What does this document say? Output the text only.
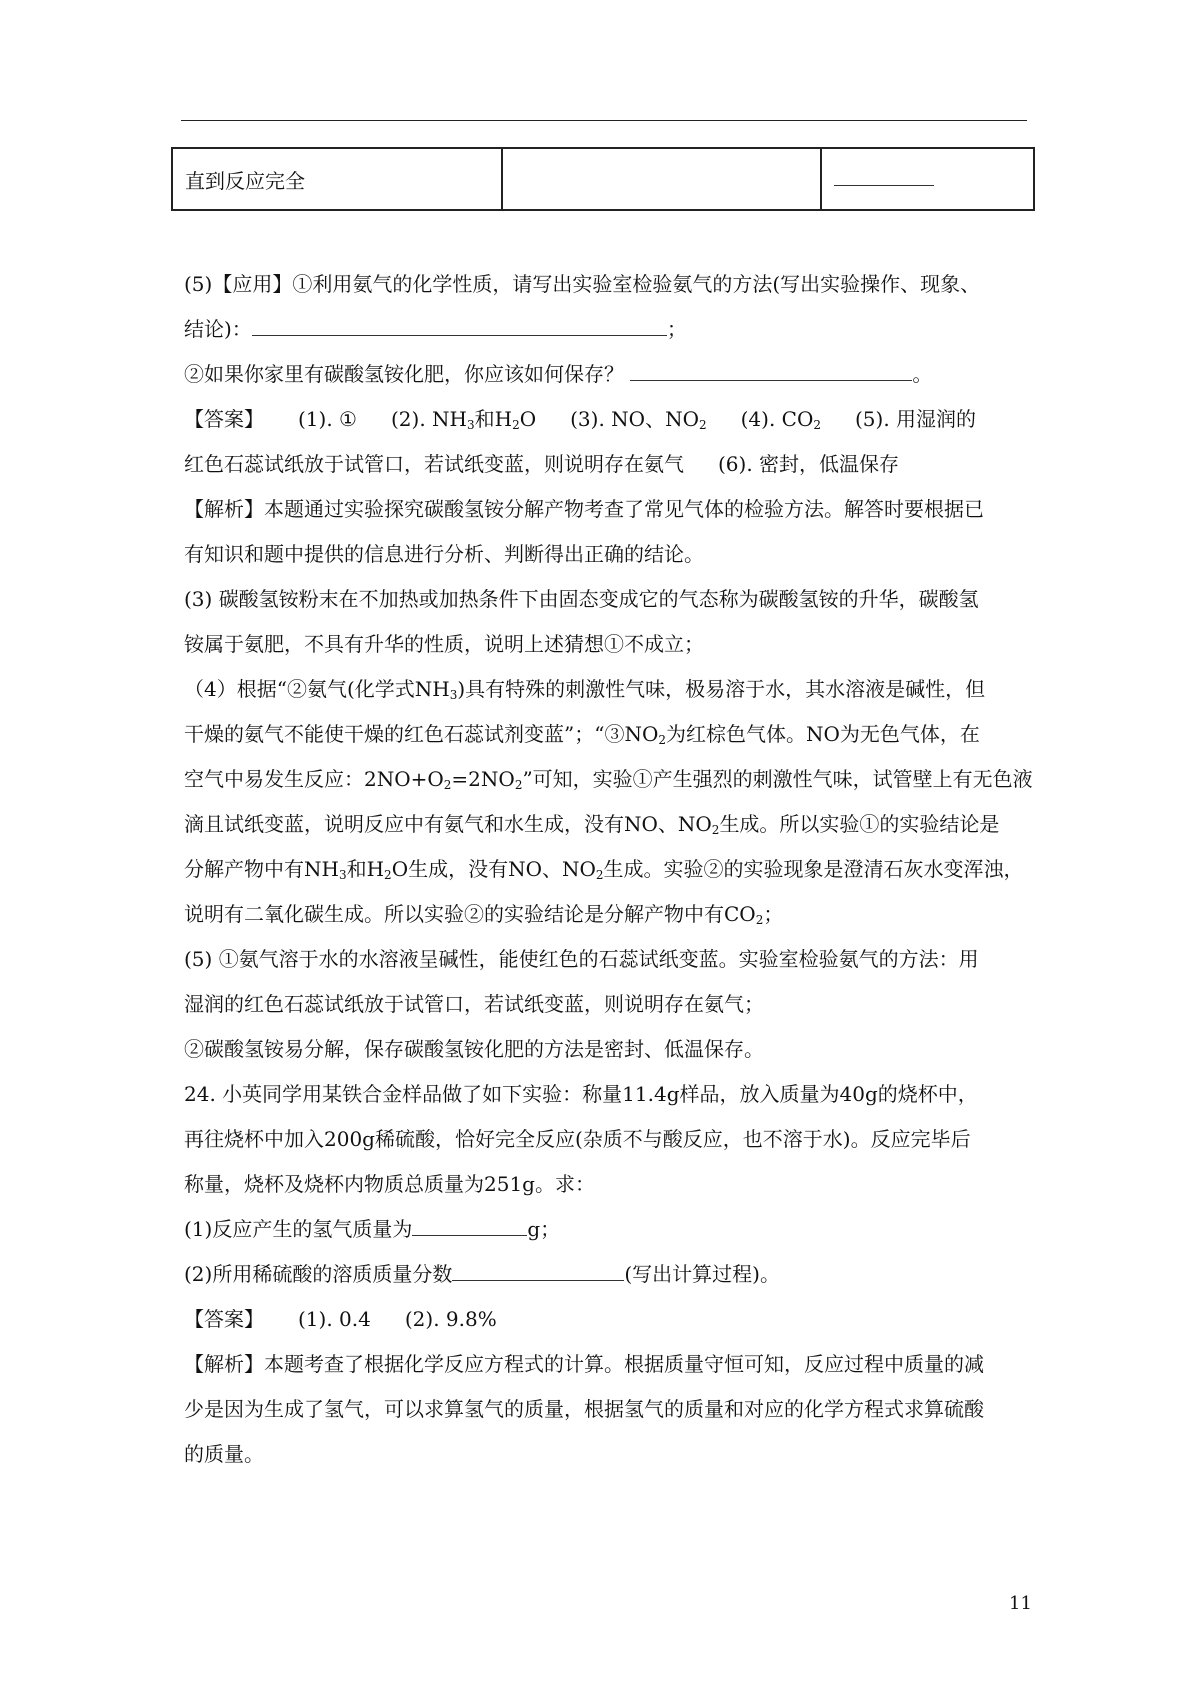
直到反应完全		

(5)【应用】①利用氨气的化学性质，请写出实验室检验氨气的方法(写出实验操作、现象、

结论)：	；

②如果你家里有碳酸氢铵化肥，你应该如何保存？	。

【答案】 (1). ① (2). $NH_3$和$H_2O$ (3). NO、$NO_2$ (4). $CO_2$ (5). 用湿润的

红色石蕊试纸放于试管口，若试纸变蓝，则说明存在氨气 (6). 密封，低温保存

【解析】本题通过实验探究碳酸氢铵分解产物考查了常见气体的检验方法。解答时要根据已

有知识和题中提供的信息进行分析、判断得出正确的结论。

(3) 碳酸氢铵粉末在不加热或加热条件下由固态变成它的气态称为碳酸氢铵的升华，碳酸氢

铵属于氨肥，不具有升华的性质，说明上述猜想①不成立；

（4）根据“②氨气(化学式$NH_3$)具有特殊的刺激性气味，极易溶于水，其水溶液是碱性，但

干燥的氨气不能使干燥的红色石蕊试剂变蓝”；“$③NO_2$为红棕色气体。NO为无色气体，在

空气中易发生反应：$2NO+O_2=2NO_2$”可知，实验①产生强烈的刺激性气味，试管壁上有无色液

滴且试纸变蓝，说明反应中有氨气和水生成，没有NO、$NO_2$生成。所以实验①的实验结论是

分解产物中有$NH_3$和$H_2O$生成，没有NO、$NO_2$生成。实验②的实验现象是澄清石灰水变浑浊，

说明有二氧化碳生成。所以实验②的实验结论是分解产物中有$CO_2$；

(5) ①氨气溶于水的水溶液呈碱性，能使红色的石蕊试纸变蓝。实验室检验氨气的方法：用

湿润的红色石蕊试纸放于试管口，若试纸变蓝，则说明存在氨气；

②碳酸氢铵易分解，保存碳酸氢铵化肥的方法是密封、低温保存。

24. 小英同学用某铁合金样品做了如下实验：称量11.4g样品，放入质量为40g的烧杯中，

再往烧杯中加入200g稀硫酸，恰好完全反应(杂质不与酸反应，也不溶于水)。反应完毕后

称量，烧杯及烧杯内物质总质量为251g。求：

(1)反应产生的氢气质量为	g；

(2)所用稀硫酸的溶质质量分数	(写出计算过程)。

【答案】 (1). 0.4 (2). 9.8%

【解析】本题考查了根据化学反应方程式的计算。根据质量守恒可知，反应过程中质量的减

少是因为生成了氢气，可以求算氢气的质量，根据氢气的质量和对应的化学方程式求算硫酸

的质量。

11
